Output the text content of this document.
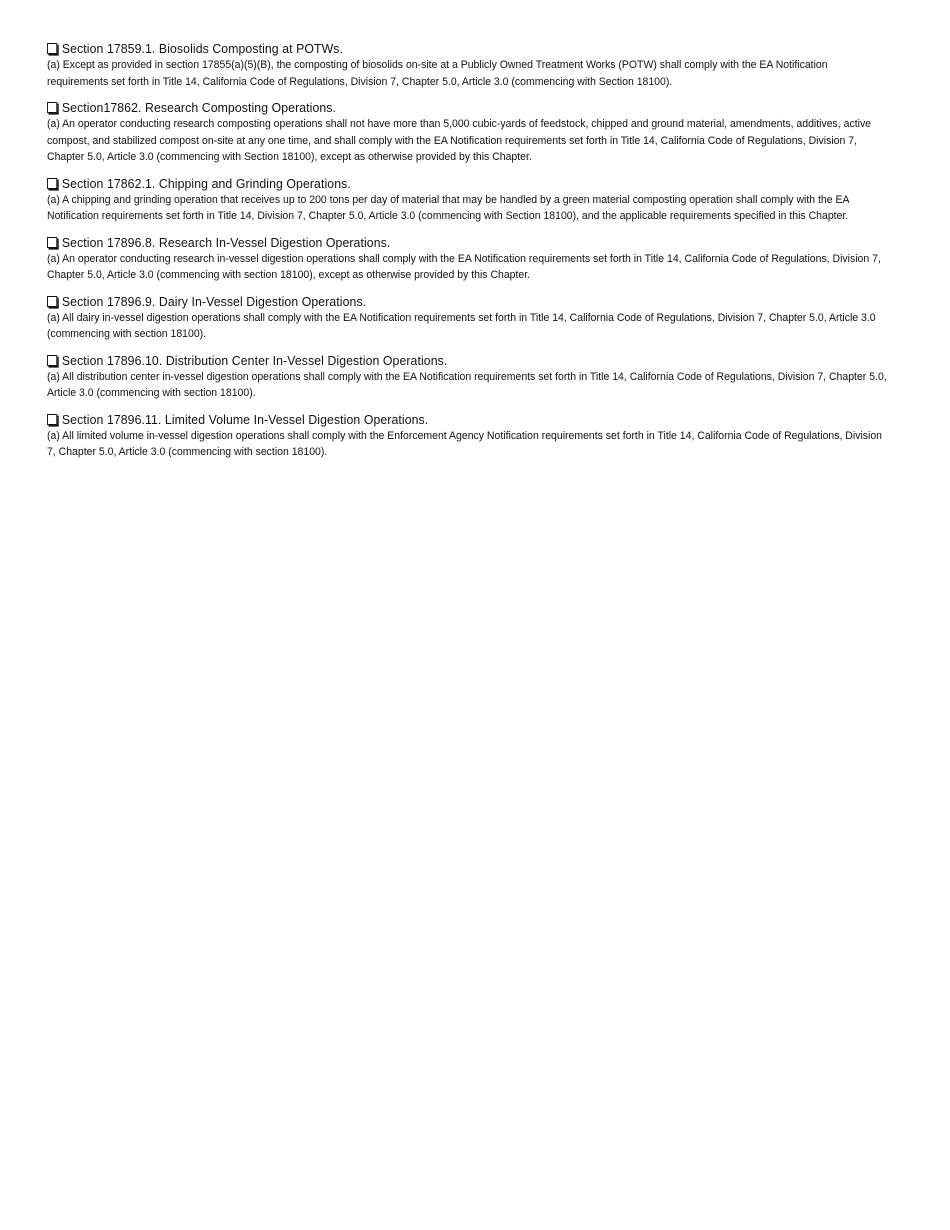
Section 17859.1. Biosolids Composting at POTWs.
(a) Except as provided in section 17855(a)(5)(B), the composting of biosolids on-site at a Publicly Owned Treatment Works (POTW) shall comply with the EA Notification requirements set forth in Title 14, California Code of Regulations, Division 7, Chapter 5.0, Article 3.0 (commencing with Section 18100).
Section17862. Research Composting Operations.
(a) An operator conducting research composting operations shall not have more than 5,000 cubic-yards of feedstock, chipped and ground material, amendments, additives, active compost, and stabilized compost on-site at any one time, and shall comply with the EA Notification requirements set forth in Title 14, California Code of Regulations, Division 7, Chapter 5.0, Article 3.0 (commencing with Section 18100), except as otherwise provided by this Chapter.
Section 17862.1. Chipping and Grinding Operations.
(a) A chipping and grinding operation that receives up to 200 tons per day of material that may be handled by a green material composting operation shall comply with the EA Notification requirements set forth in Title 14, Division 7, Chapter 5.0, Article 3.0 (commencing with Section 18100), and the applicable requirements specified in this Chapter.
Section 17896.8. Research In-Vessel Digestion Operations.
(a) An operator conducting research in-vessel digestion operations shall comply with the EA Notification requirements set forth in Title 14, California Code of Regulations, Division 7, Chapter 5.0, Article 3.0 (commencing with section 18100), except as otherwise provided by this Chapter.
Section 17896.9. Dairy In-Vessel Digestion Operations.
(a) All dairy in-vessel digestion operations shall comply with the EA Notification requirements set forth in Title 14, California Code of Regulations, Division 7, Chapter 5.0, Article 3.0 (commencing with section 18100).
Section 17896.10. Distribution Center In-Vessel Digestion Operations.
(a) All distribution center in-vessel digestion operations shall comply with the EA Notification requirements set forth in Title 14, California Code of Regulations, Division 7, Chapter 5.0, Article 3.0 (commencing with section 18100).
Section 17896.11. Limited Volume In-Vessel Digestion Operations.
(a) All limited volume in-vessel digestion operations shall comply with the Enforcement Agency Notification requirements set forth in Title 14, California Code of Regulations, Division 7, Chapter 5.0, Article 3.0 (commencing with section 18100).
